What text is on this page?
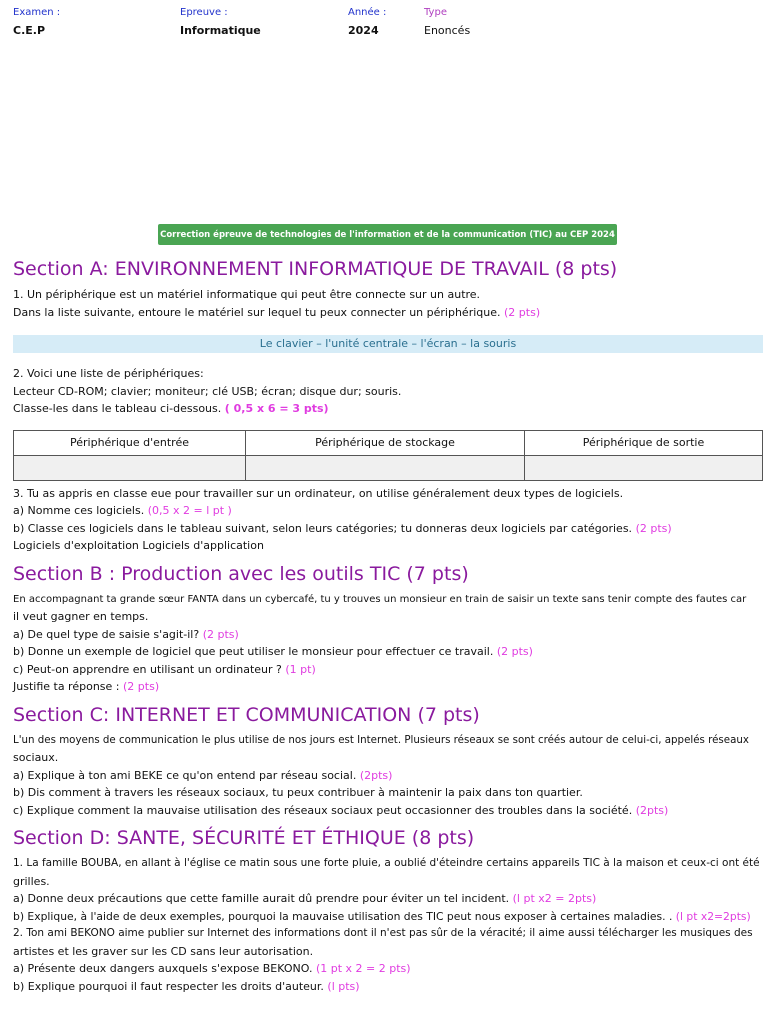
Examen :
C.E.P
Epreuve :
Informatique
Année :
2024
Type
Enoncés
Correction épreuve de technologies de l'information et de la communication (TIC) au CEP 2024
Section A: ENVIRONNEMENT INFORMATIQUE DE TRAVAIL (8 pts)

1. Un périphérique est un matériel informatique qui peut être connecte sur un autre.

Dans la liste suivante, entoure le matériel sur lequel tu peux connecter un périphérique. (2 pts)

Le clavier – l'unité centrale – l'écran – la souris

2. Voici une liste de périphériques:

Lecteur CD-ROM; clavier; moniteur; clé USB; écran; disque dur; souris.

Classe-les dans le tableau ci-dessous. ( 0,5 x 6 = 3 pts)

Périphérique d'entrée	Périphérique de stockage	Périphérique de sortie

3. Tu as appris en classe eue pour travailler sur un ordinateur, on utilise généralement deux types de logiciels.

a) Nomme ces logiciels. (0,5 x 2 = l pt )

b) Classe ces logiciels dans le tableau suivant, selon leurs catégories; tu donneras deux logiciels par catégories. (2 pts)

Logiciels d'exploitation Logiciels d'application

Section B : Production avec les outils TIC (7 pts)

En accompagnant ta grande sœur FANTA dans un cybercafé, tu y trouves un monsieur en train de saisir un texte sans tenir compte des fautes car

il veut gagner en temps.

a) De quel type de saisie s'agit-il? (2 pts)

b) Donne un exemple de logiciel que peut utiliser le monsieur pour effectuer ce travail. (2 pts)

c) Peut-on apprendre en utilisant un ordinateur ? (1 pt)

Justifie ta réponse : (2 pts)

Section C: INTERNET ET COMMUNICATION (7 pts)

L'un des moyens de communication le plus utilise de nos jours est Internet. Plusieurs réseaux se sont créés autour de celui-ci, appelés réseaux

sociaux.

a) Explique à ton ami BEKE ce qu'on entend par réseau social. (2pts)

b) Dis comment à travers les réseaux sociaux, tu peux contribuer à maintenir la paix dans ton quartier.

c) Explique comment la mauvaise utilisation des réseaux sociaux peut occasionner des troubles dans la société. (2pts)

Section D: SANTE, SÉCURITÉ ET ÉTHIQUE (8 pts)

1. La famille BOUBA, en allant à l'église ce matin sous une forte pluie, a oublié d'éteindre certains appareils TIC à la maison et ceux-ci ont été

grilles.

a) Donne deux précautions que cette famille aurait dû prendre pour éviter un tel incident. (l pt x2 = 2pts)

b) Explique, à l'aide de deux exemples, pourquoi la mauvaise utilisation des TIC peut nous exposer à certaines maladies. . (l pt x2=2pts)

2. Ton ami BEKONO aime publier sur Internet des informations dont il n'est pas sûr de la véracité; il aime aussi télécharger les musiques des

artistes et les graver sur les CD sans leur autorisation.

a) Présente deux dangers auxquels s'expose BEKONO. (1 pt x 2 = 2 pts)

b) Explique pourquoi il faut respecter les droits d'auteur. (l pts)
